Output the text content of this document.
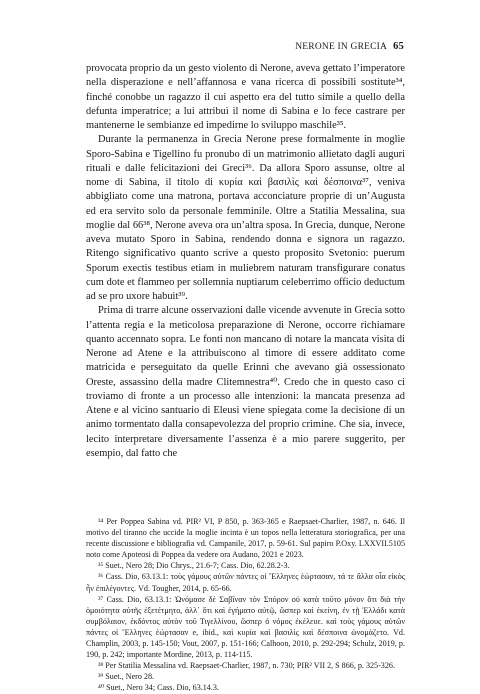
NERONE IN GRECIA 65

provocata proprio da un gesto violento di Nerone, aveva gettato l’imperatore nella disperazione e nell’affannosa e vana ricerca di possibili sostitute³⁴, finché conobbe un ragazzo il cui aspetto era del tutto simile a quello della defunta imperatrice; a lui attribuì il nome di Sabina e lo fece castrare per mantenerne le sembianze ed impedirne lo sviluppo maschile³⁵.

Durante la permanenza in Grecia Nerone prese formalmente in moglie Sporo-Sabina e Tigellino fu pronubo di un matrimonio allietato dagli auguri rituali e dalle felicitazioni dei Greci³⁶. Da allora Sporo assunse, oltre al nome di Sabina, il titolo di κυρία καὶ βασιλὶς καὶ δέσποινα³⁷, veniva abbigliato come una matrona, portava acconciature proprie di un’Augusta ed era servito solo da personale femminile. Oltre a Statilia Messalina, sua moglie dal 66³⁸, Nerone aveva ora un’altra sposa. In Grecia, dunque, Nerone aveva mutato Sporo in Sabina, rendendo donna e signora un ragazzo. Ritengo significativo quanto scrive a questo proposito Svetonio: puerum Sporum exectis testibus etiam in muliebrem naturam transfigurare conatus cum dote et flammeo per sollemnia nuptiarum celeberrimo officio deductum ad se pro uxore habuit³⁹.

Prima di trarre alcune osservazioni dalle vicende avvenute in Grecia sotto l’attenta regia e la meticolosa preparazione di Nerone, occorre richiamare quanto accennato sopra. Le fonti non mancano di notare la mancata visita di Nerone ad Atene e la attribuiscono al timore di essere additato come matricida e perseguitato da quelle Erinni che avevano già ossessionato Oreste, assassino della madre Clitemnestra⁴⁰. Credo che in questo caso ci troviamo di fronte a un processo alle intenzioni: la mancata presenza ad Atene e al vicino santuario di Eleusi viene spiegata come la decisione di un animo tormentato dalla consapevolezza del proprio crimine. Che sia, invece, lecito interpretare diversamente l’assenza è a mio parere suggerito, per esempio, dal fatto che

³⁴ Per Poppea Sabina vd. PIR² VI, P 850, p. 363-365 e Raepsaet-Charlier, 1987, n. 646. Il motivo del tiranno che uccide la moglie incinta è un topos nella letteratura storiografica, per una recente discussione e bibliografia vd. Campanile, 2017, p. 59-61. Sul papiro P.Oxy. LXXVII.5105 noto come Apoteosi di Poppea da vedere ora Audano, 2021 e 2023.

³⁵ Suet., Nero 28; Dio Chrys., 21.6-7; Cass. Dio, 62.28.2-3.

³⁶ Cass. Dio, 63.13.1: τοὺς γάμους αὐτῶν πάντες οἱ Ἕλληνες ἑώρτασαν, τά τε ἄλλα οἷα εἰκὸς ἦν ἐπιλέγοντες. Vd. Tougher, 2014, p. 65-66.

³⁷ Cass. Dio, 63.13.1: Ὠνόμασε δὲ Σαβῖναν τὸν Σπόρον οὐ κατὰ τοῦτο μόνον ὅτι διὰ τὴν ὁμοιότητα αὐτῆς ἐξετέτμητο, ἀλλ᾽ ὅτι καὶ ἐγήματο αὐτῷ, ὥσπερ καὶ ἐκείνη, ἐν τῇ Ἑλλάδι κατὰ συμβόλαιον, ἐκδόντος αὐτὸν τοῦ Τιγελλίνου, ὥσπερ ὁ νόμος ἐκέλευε. καὶ τοὺς γάμους αὐτῶν πάντες οἱ Ἕλληνες ἑώρτασαν e, ibid., καὶ κυρία καὶ βασιλὶς καὶ δέσποινα ὠνομάζετο. Vd. Champlin, 2003, p. 145-150; Vout, 2007, p. 151-166; Calhoon, 2010, p. 292-294; Schulz, 2019, p. 190, p. 242; importante Mordine, 2013, p. 114-115.

³⁸ Per Statilia Messalina vd. Raepsaet-Charlier, 1987, n. 730; PIR² VII 2, S 866, p. 325-326.

³⁹ Suet., Nero 28.

⁴⁰ Suet., Nero 34; Cass. Dio, 63.14.3.
